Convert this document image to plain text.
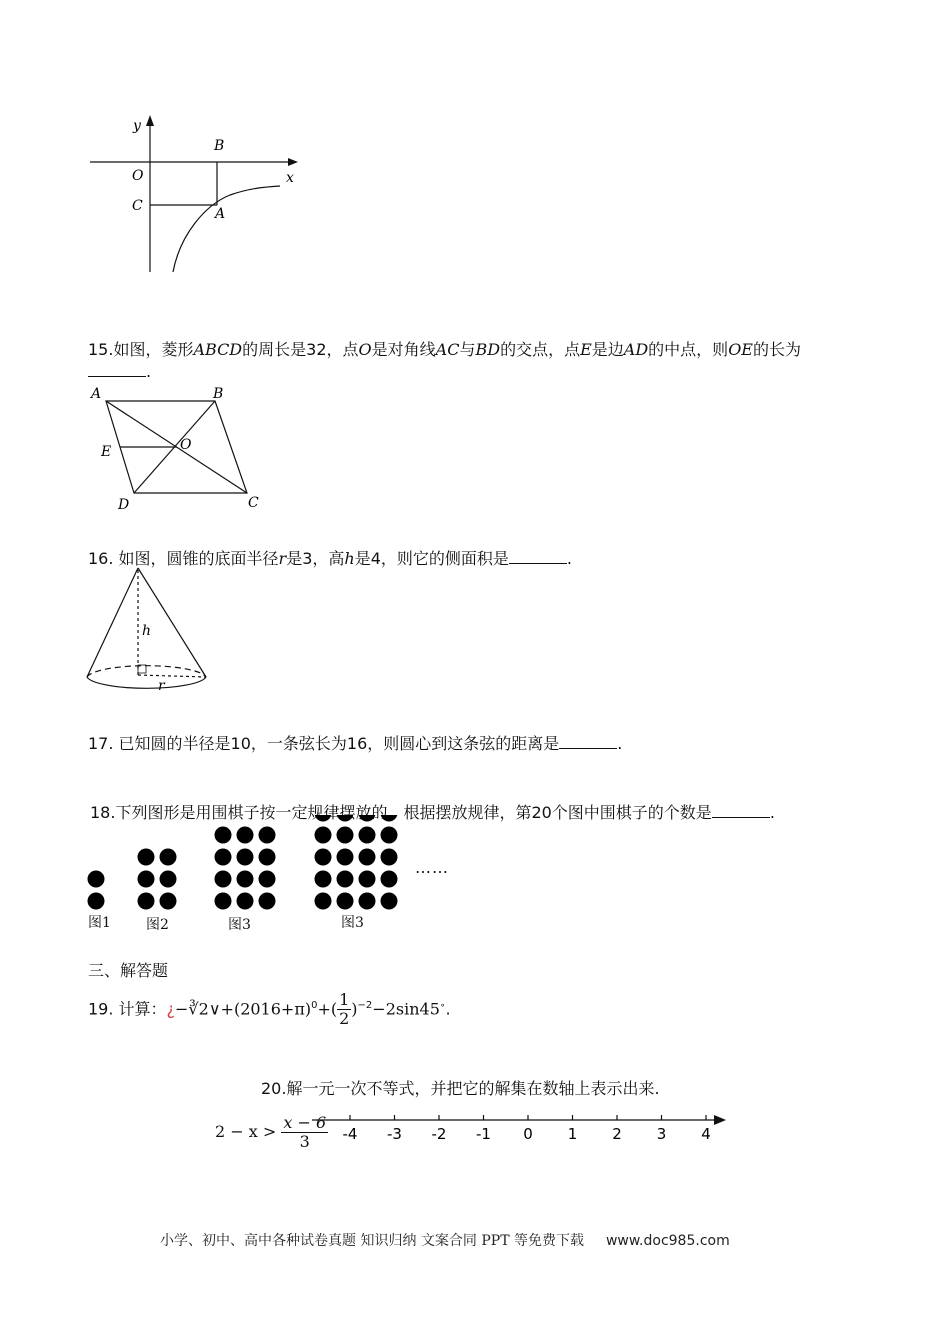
y
x
O
B
C	A
15.如图，菱形ABCD的周长是32，点O是对角线AC与BD的交点，点E是边AD的中点，则OE的长为
.
A	B
E	O
D	C
16. 如图，圆锥的底面半径r是3，高h是4，则它的侧面积是	.
h
r
17. 已知圆的半径是10，一条弦长为16，则圆心到这条弦的距离是	.
18.下列图形是用围棋子按一定规律摆放的，根据摆放规律，第20个图中围棋子的个数是	.
图1	图2	图3	图3
……
三、解答题
19. 计算：¿$-∛2\vee+(2016+\pi)^0+( \frac{1}{2} )^{-2}-2\sin 45^\circ$.
20.解一元一次不等式，并把它的解集在数轴上表示出来.
$2 - x > \frac{x - 6}{3} -4$ -3 -2 -1 0 1 2 3 4
小学、初中、高中各种试卷真题 知识归纳 文案合同 PPT 等免费下载 www.doc985.com
